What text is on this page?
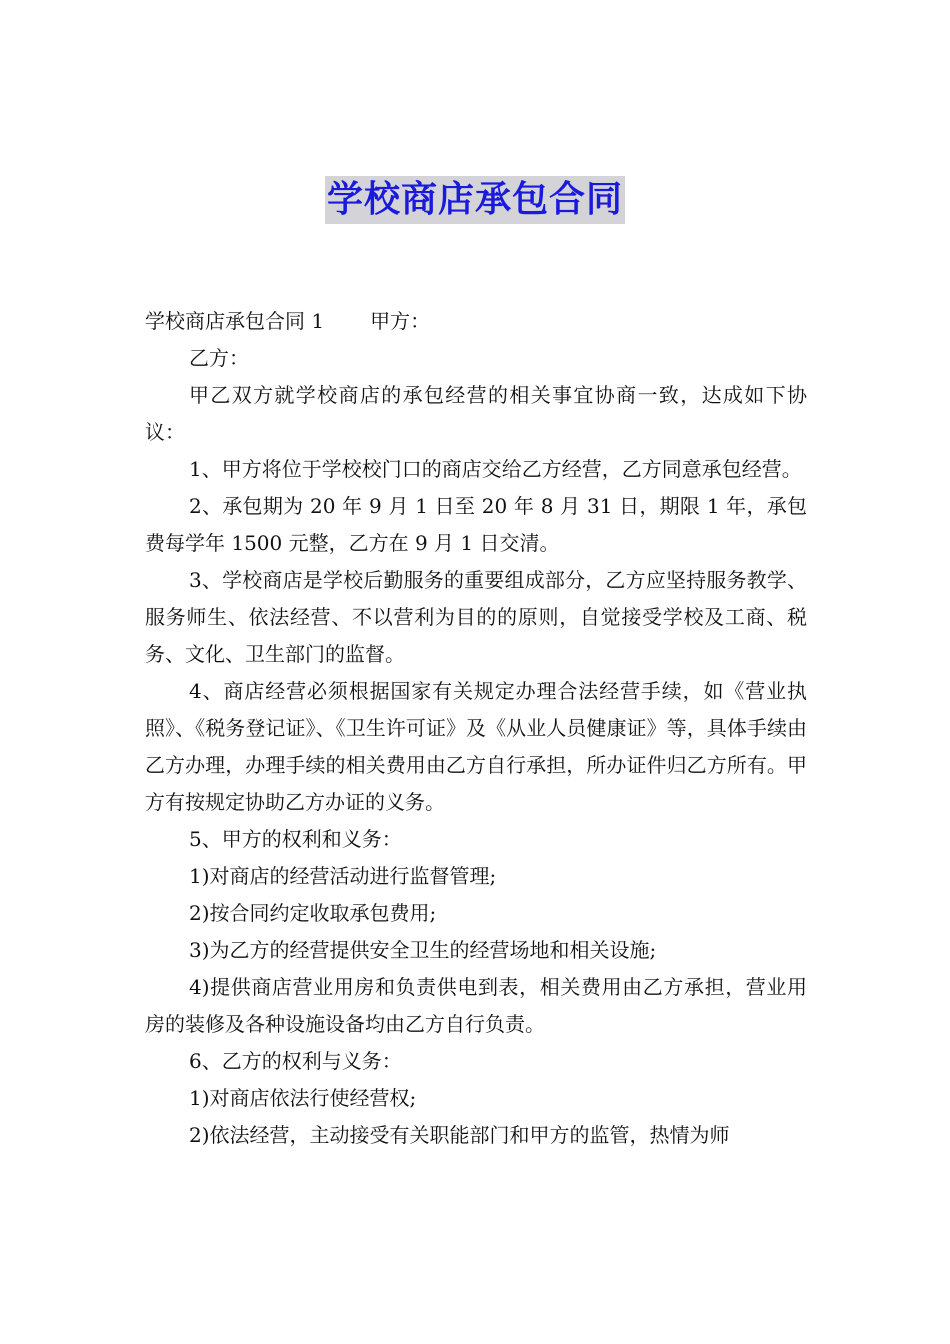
学校商店承包合同

学校商店承包合同 1 甲方：

乙方：

甲乙双方就学校商店的承包经营的相关事宜协商一致，达成如下协议：

1、甲方将位于学校校门口的商店交给乙方经营，乙方同意承包经营。

2、承包期为 20 年 9 月 1 日至 20 年 8 月 31 日，期限 1 年，承包费每学年 1500 元整，乙方在 9 月 1 日交清。

3、学校商店是学校后勤服务的重要组成部分，乙方应坚持服务教学、服务师生、依法经营、不以营利为目的的原则，自觉接受学校及工商、税务、文化、卫生部门的监督。

4、商店经营必须根据国家有关规定办理合法经营手续，如《营业执照》、《税务登记证》、《卫生许可证》及《从业人员健康证》等，具体手续由乙方办理，办理手续的相关费用由乙方自行承担，所办证件归乙方所有。甲方有按规定协助乙方办证的义务。

5、甲方的权利和义务：

1)对商店的经营活动进行监督管理;

2)按合同约定收取承包费用;

3)为乙方的经营提供安全卫生的经营场地和相关设施;

4)提供商店营业用房和负责供电到表，相关费用由乙方承担，营业用房的装修及各种设施设备均由乙方自行负责。

6、乙方的权利与义务：

1)对商店依法行使经营权;

2)依法经营，主动接受有关职能部门和甲方的监管，热情为师
